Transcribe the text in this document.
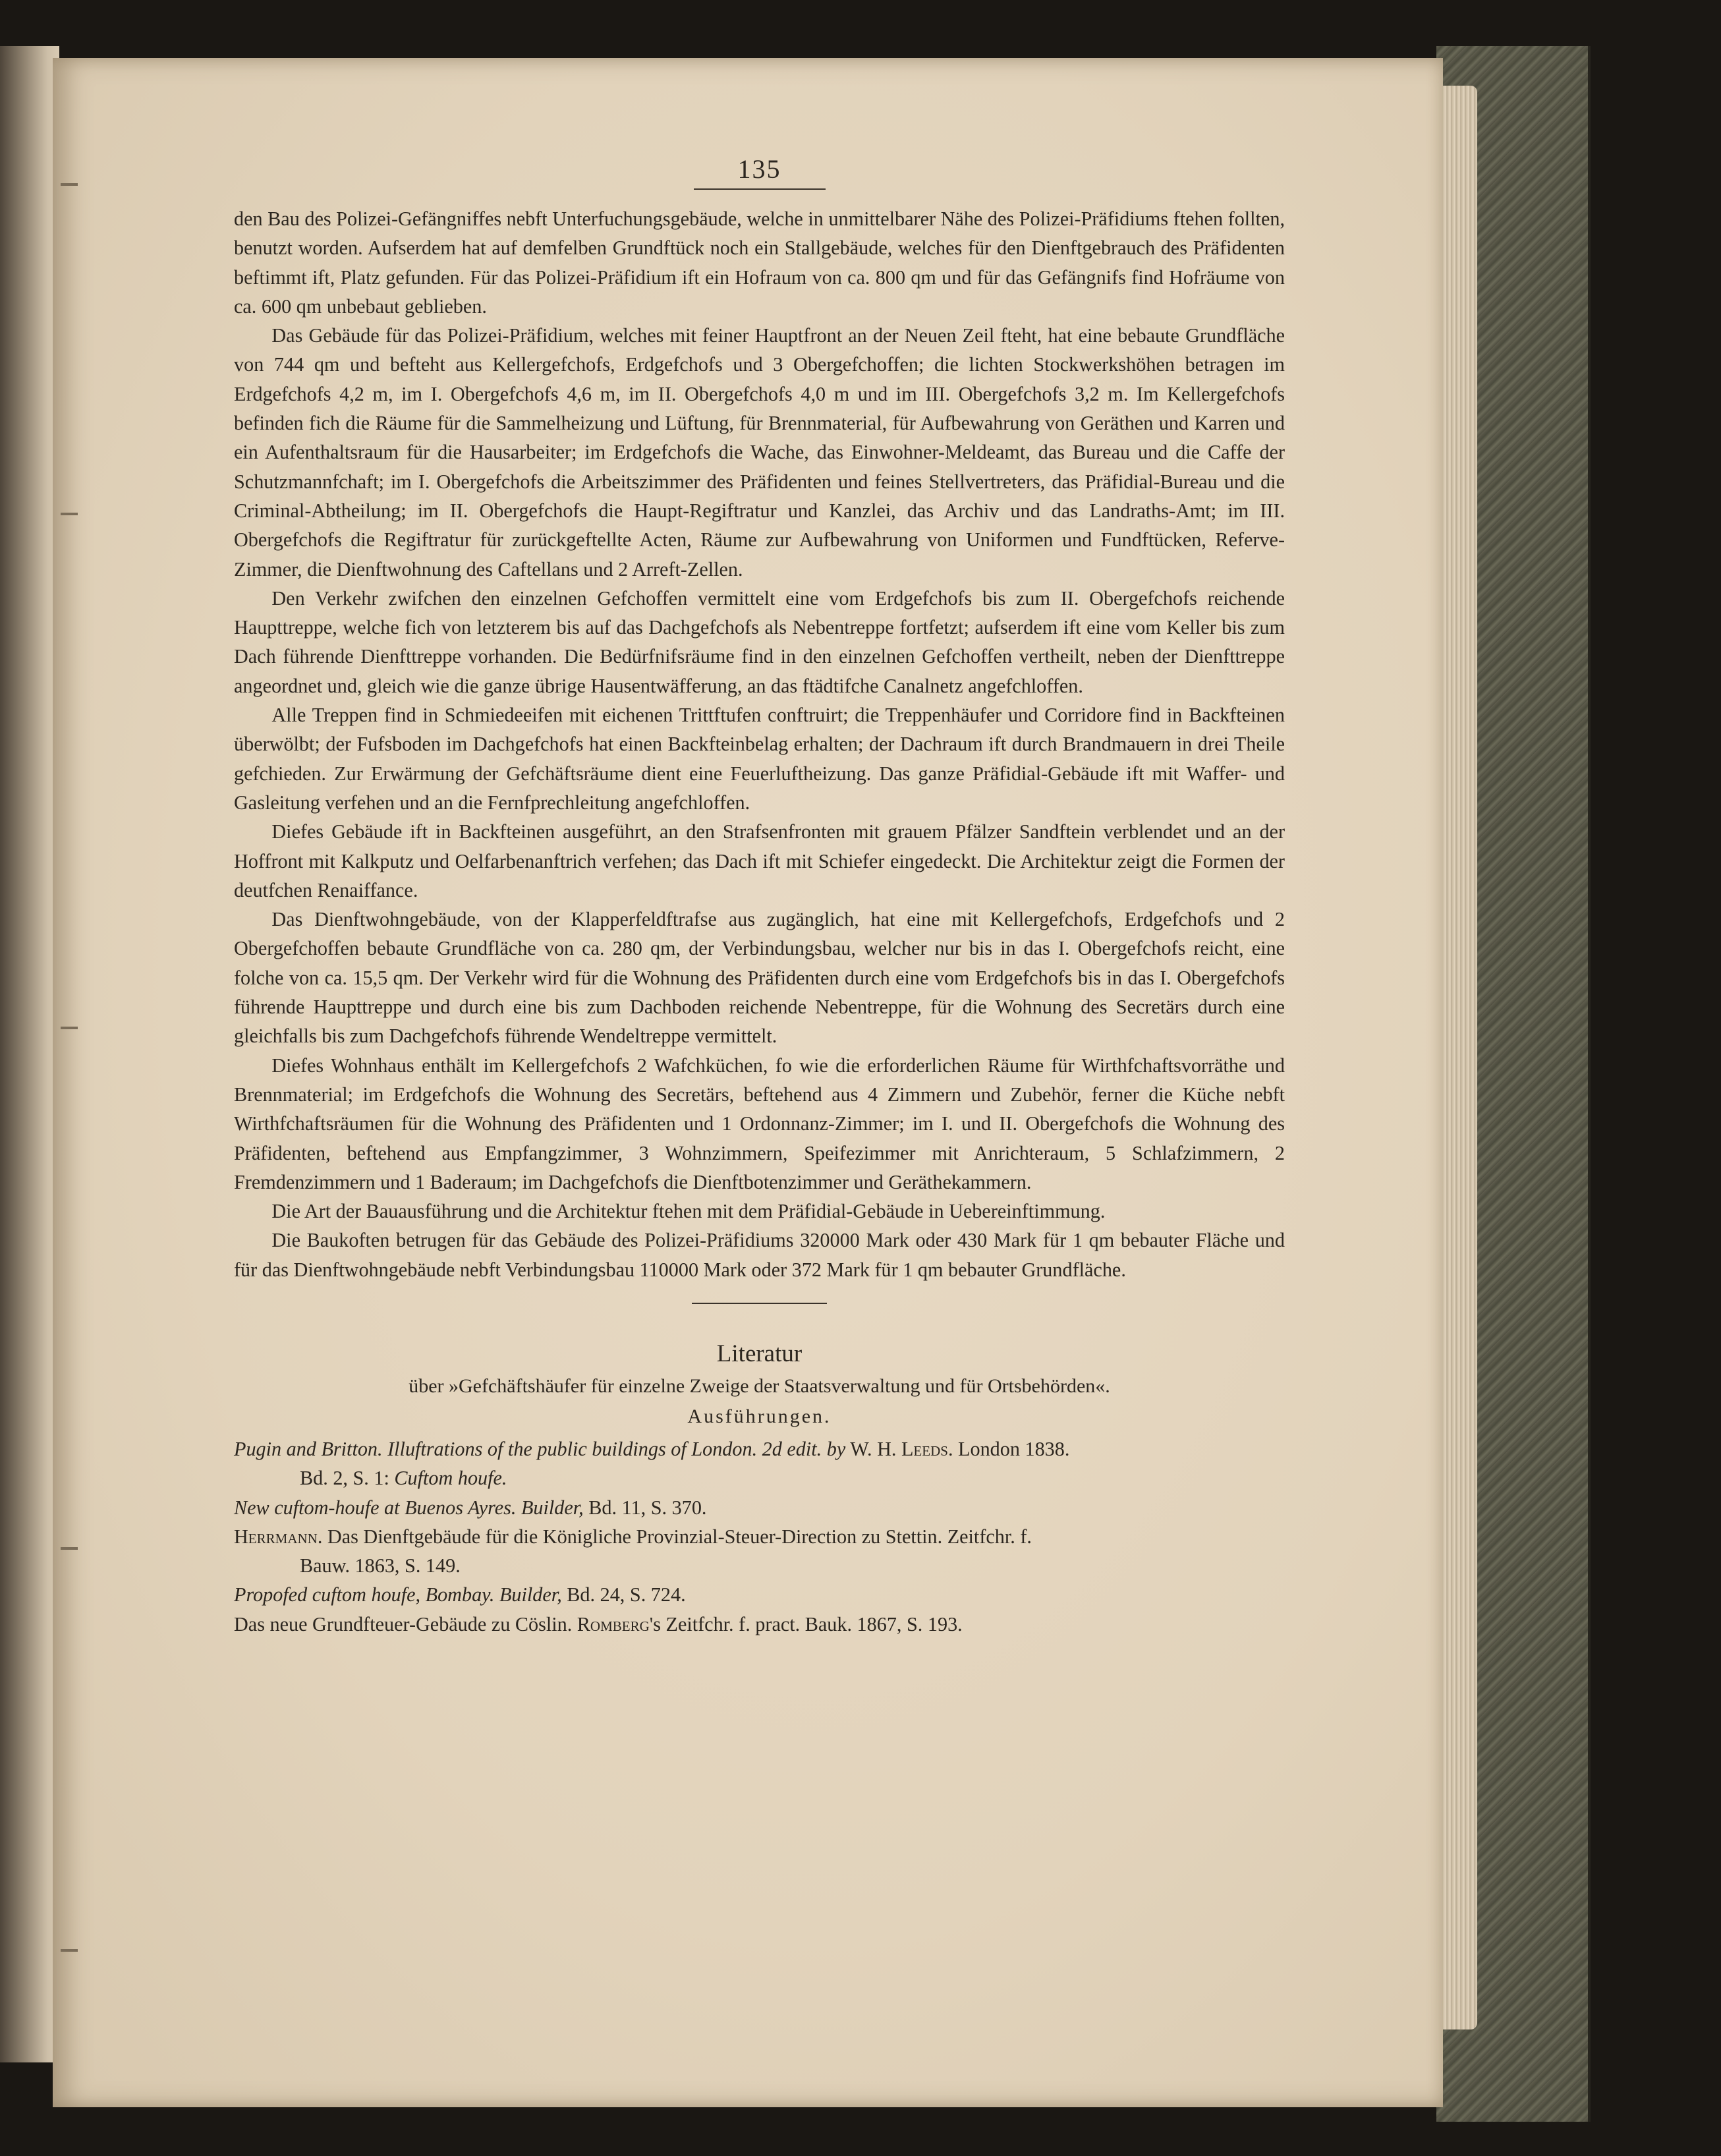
135

den Bau des Polizei-Gefängniffes nebft Unterfuchungsgebäude, welche in unmittelbarer Nähe des Polizei-Präfidiums ftehen follten, benutzt worden. Aufserdem hat auf demfelben Grundftück noch ein Stallgebäude, welches für den Dienftgebrauch des Präfidenten beftimmt ift, Platz gefunden. Für das Polizei-Präfidium ift ein Hofraum von ca. 800 qm und für das Gefängnifs find Hofräume von ca. 600 qm unbebaut geblieben.

Das Gebäude für das Polizei-Präfidium, welches mit feiner Hauptfront an der Neuen Zeil fteht, hat eine bebaute Grundfläche von 744 qm und befteht aus Kellergefchofs, Erdgefchofs und 3 Obergefchoffen; die lichten Stockwerkshöhen betragen im Erdgefchofs 4,2 m, im I. Obergefchofs 4,6 m, im II. Obergefchofs 4,0 m und im III. Obergefchofs 3,2 m. Im Kellergefchofs befinden fich die Räume für die Sammelheizung und Lüftung, für Brennmaterial, für Aufbewahrung von Geräthen und Karren und ein Aufenthaltsraum für die Hausarbeiter; im Erdgefchofs die Wache, das Einwohner-Meldeamt, das Bureau und die Caffe der Schutzmannfchaft; im I. Obergefchofs die Arbeitszimmer des Präfidenten und feines Stellvertreters, das Präfidial-Bureau und die Criminal-Abtheilung; im II. Obergefchofs die Haupt-Regiftratur und Kanzlei, das Archiv und das Landraths-Amt; im III. Obergefchofs die Regiftratur für zurückgeftellte Acten, Räume zur Aufbewahrung von Uniformen und Fundftücken, Referve-Zimmer, die Dienftwohnung des Caftellans und 2 Arreft-Zellen.

Den Verkehr zwifchen den einzelnen Gefchoffen vermittelt eine vom Erdgefchofs bis zum II. Obergefchofs reichende Haupttreppe, welche fich von letzterem bis auf das Dachgefchofs als Nebentreppe fortfetzt; aufserdem ift eine vom Keller bis zum Dach führende Dienfttreppe vorhanden. Die Bedürfnifsräume find in den einzelnen Gefchoffen vertheilt, neben der Dienfttreppe angeordnet und, gleich wie die ganze übrige Hausentwäfferung, an das ftädtifche Canalnetz angefchloffen.

Alle Treppen find in Schmiedeeifen mit eichenen Trittftufen conftruirt; die Treppenhäufer und Corridore find in Backfteinen überwölbt; der Fufsboden im Dachgefchofs hat einen Backfteinbelag erhalten; der Dachraum ift durch Brandmauern in drei Theile gefchieden. Zur Erwärmung der Gefchäftsräume dient eine Feuerluftheizung. Das ganze Präfidial-Gebäude ift mit Waffer- und Gasleitung verfehen und an die Fernfprechleitung angefchloffen.

Diefes Gebäude ift in Backfteinen ausgeführt, an den Strafsenfronten mit grauem Pfälzer Sandftein verblendet und an der Hoffront mit Kalkputz und Oelfarbenanftrich verfehen; das Dach ift mit Schiefer eingedeckt. Die Architektur zeigt die Formen der deutfchen Renaiffance.

Das Dienftwohngebäude, von der Klapperfeldftrafse aus zugänglich, hat eine mit Kellergefchofs, Erdgefchofs und 2 Obergefchoffen bebaute Grundfläche von ca. 280 qm, der Verbindungsbau, welcher nur bis in das I. Obergefchofs reicht, eine folche von ca. 15,5 qm. Der Verkehr wird für die Wohnung des Präfidenten durch eine vom Erdgefchofs bis in das I. Obergefchofs führende Haupttreppe und durch eine bis zum Dachboden reichende Nebentreppe, für die Wohnung des Secretärs durch eine gleichfalls bis zum Dachgefchofs führende Wendeltreppe vermittelt.

Diefes Wohnhaus enthält im Kellergefchofs 2 Wafchküchen, fo wie die erforderlichen Räume für Wirthfchaftsvorräthe und Brennmaterial; im Erdgefchofs die Wohnung des Secretärs, beftehend aus 4 Zimmern und Zubehör, ferner die Küche nebft Wirthfchaftsräumen für die Wohnung des Präfidenten und 1 Ordonnanz-Zimmer; im I. und II. Obergefchofs die Wohnung des Präfidenten, beftehend aus Empfangzimmer, 3 Wohnzimmern, Speifezimmer mit Anrichteraum, 5 Schlafzimmern, 2 Fremdenzimmern und 1 Baderaum; im Dachgefchofs die Dienftbotenzimmer und Geräthekammern.

Die Art der Bauausführung und die Architektur ftehen mit dem Präfidial-Gebäude in Uebereinftimmung.

Die Baukoften betrugen für das Gebäude des Polizei-Präfidiums 320000 Mark oder 430 Mark für 1 qm bebauter Fläche und für das Dienftwohngebäude nebft Verbindungsbau 110000 Mark oder 372 Mark für 1 qm bebauter Grundfläche.

Literatur

über »Gefchäftshäufer für einzelne Zweige der Staatsverwaltung und für Ortsbehörden«.

Ausführungen.

Pugin and Britton. Illuftrations of the public buildings of London. 2d edit. by W. H. Leeds. London 1838.
Bd. 2, S. 1: Cuftom houfe.

New cuftom-houfe at Buenos Ayres. Builder, Bd. 11, S. 370.

Herrmann. Das Dienftgebäude für die Königliche Provinzial-Steuer-Direction zu Stettin. Zeitfchr. f.
Bauw. 1863, S. 149.

Propofed cuftom houfe, Bombay. Builder, Bd. 24, S. 724.

Das neue Grundfteuer-Gebäude zu Cöslin. Romberg's Zeitfchr. f. pract. Bauk. 1867, S. 193.
